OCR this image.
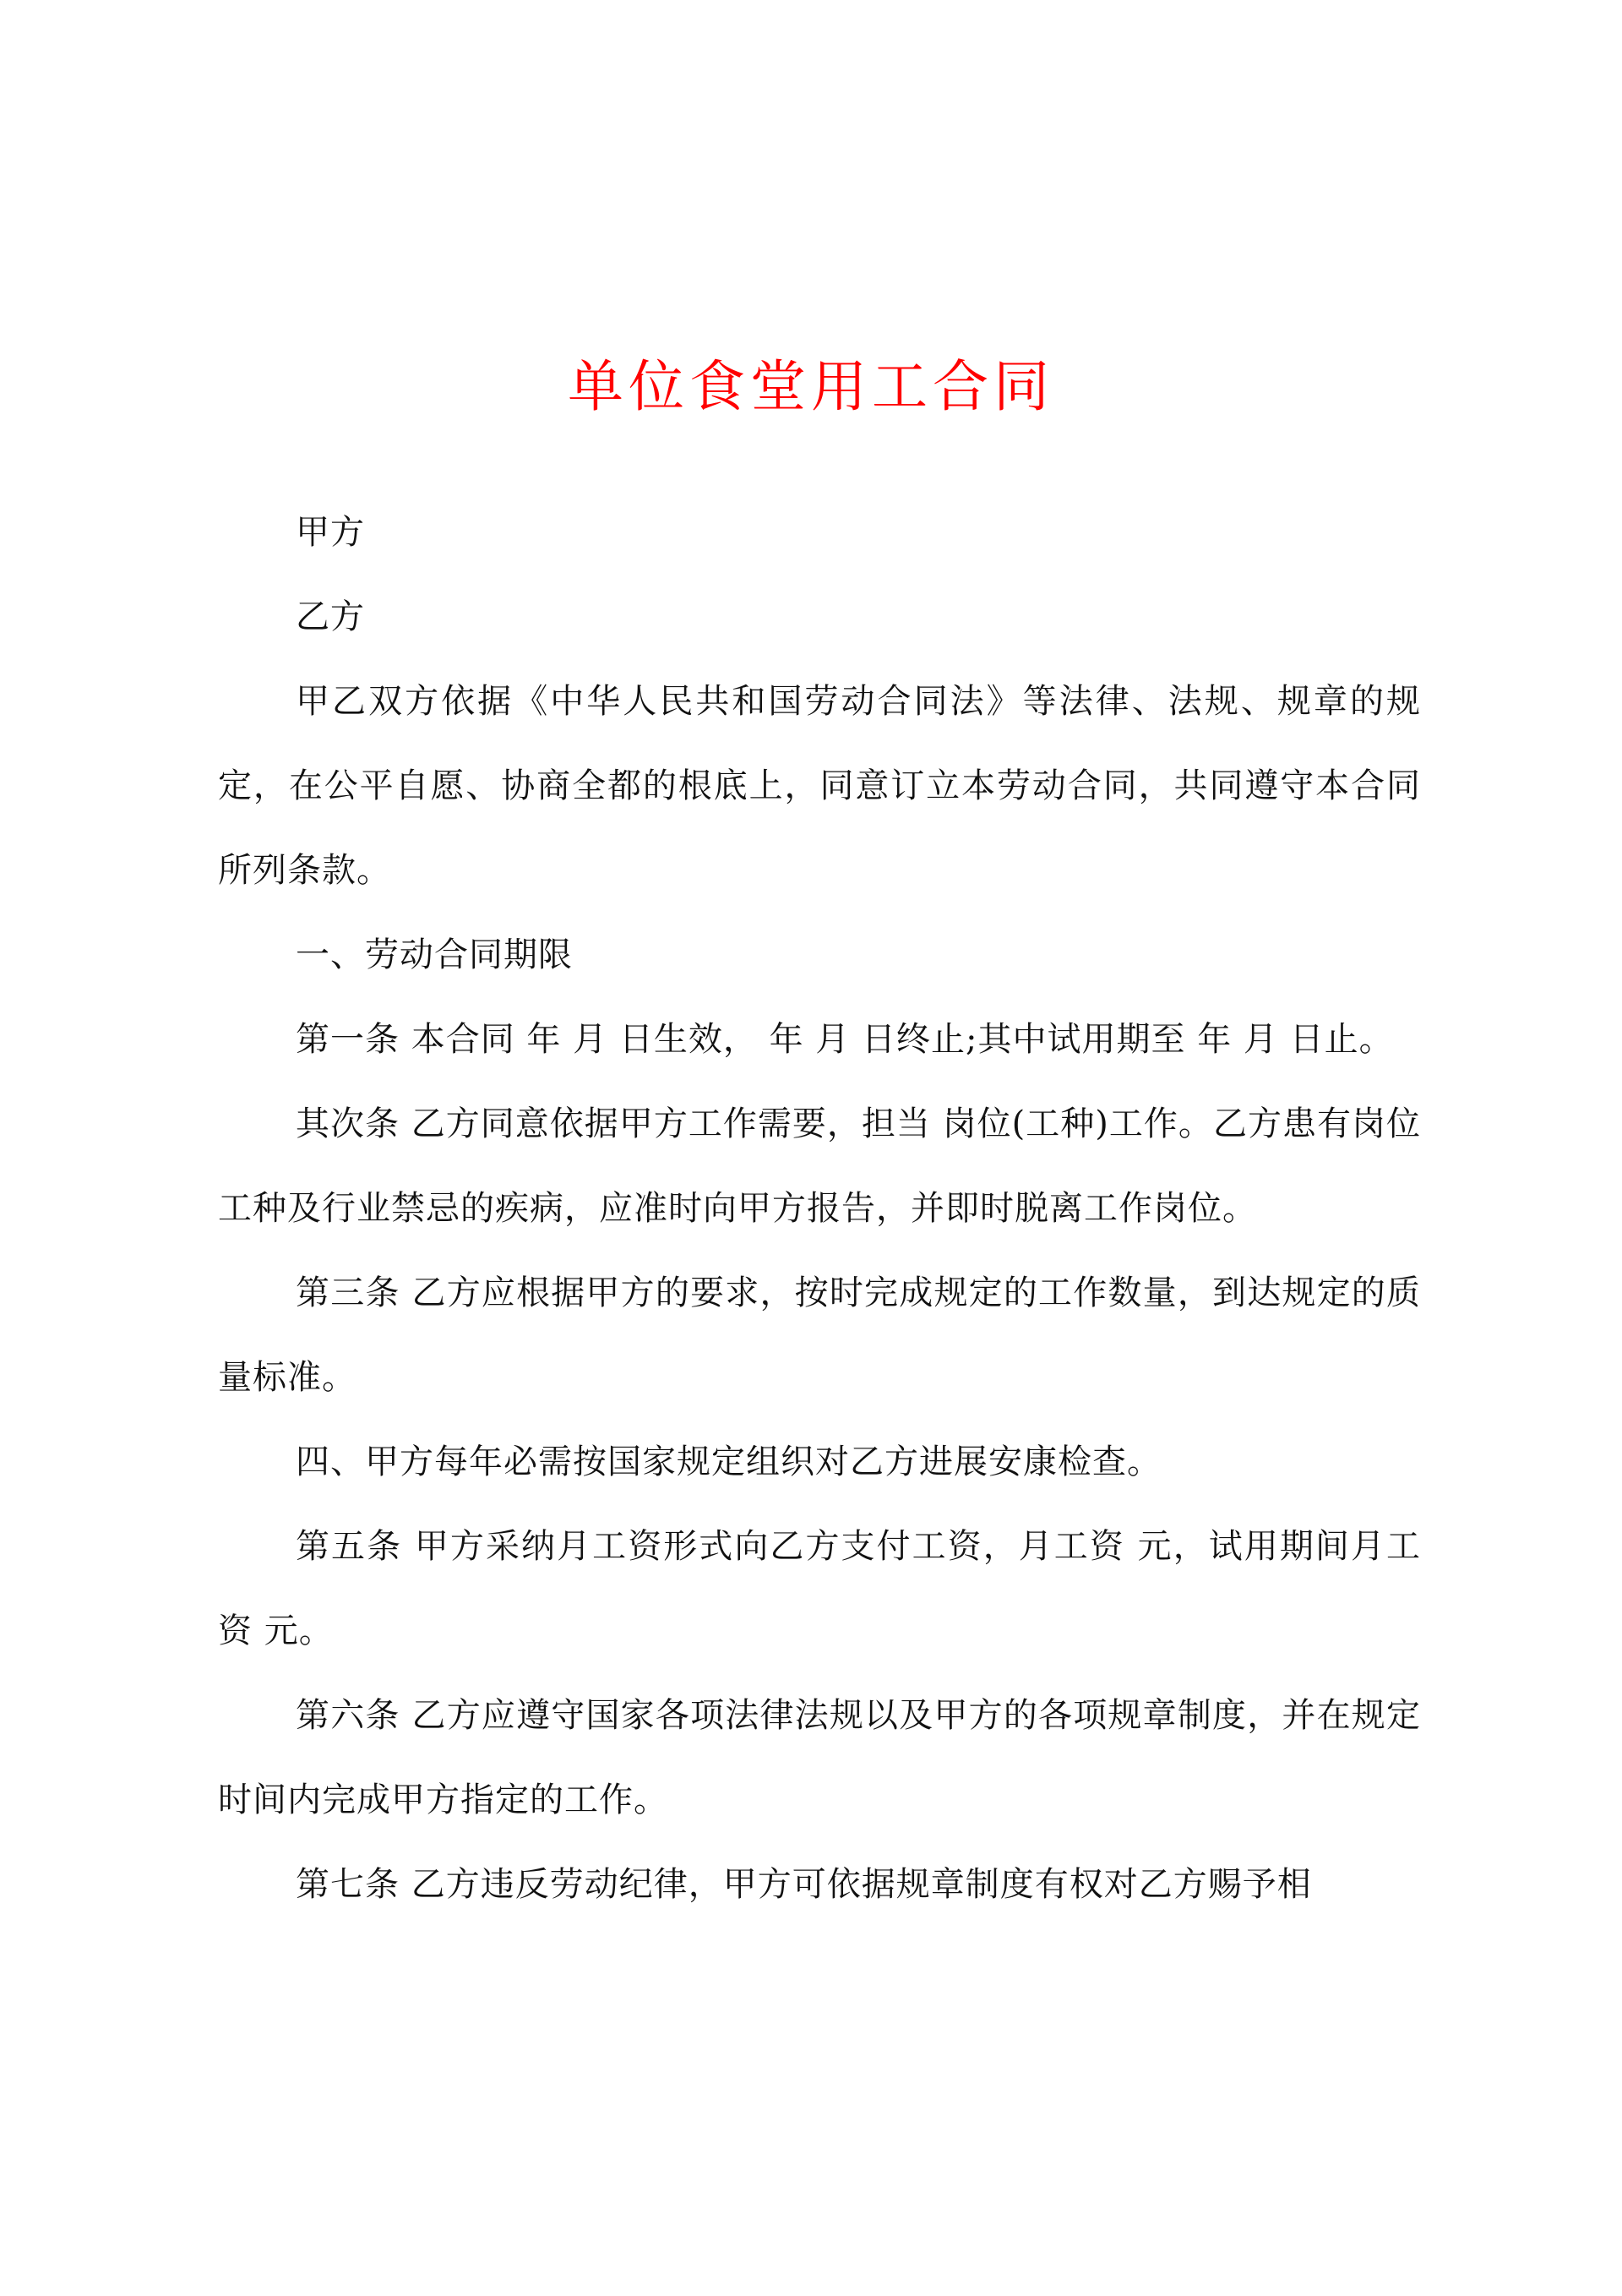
单位食堂用工合同

甲方

乙方

甲乙双方依据《中华人民共和国劳动合同法》等法律、法规、规章的规定，在公平自愿、协商全都的根底上，同意订立本劳动合同，共同遵守本合同所列条款。

一、劳动合同期限

第一条 本合同 年 月 日生效， 年 月 日终止;其中试用期至 年 月 日止。

其次条 乙方同意依据甲方工作需要，担当 岗位(工种)工作。乙方患有岗位工种及行业禁忌的疾病，应准时向甲方报告，并即时脱离工作岗位。

第三条 乙方应根据甲方的要求，按时完成规定的工作数量，到达规定的质量标准。

四、甲方每年必需按国家规定组织对乙方进展安康检查。

第五条 甲方采纳月工资形式向乙方支付工资，月工资 元，试用期间月工资 元。

第六条 乙方应遵守国家各项法律法规以及甲方的各项规章制度，并在规定时间内完成甲方指定的工作。

第七条 乙方违反劳动纪律，甲方可依据规章制度有权对乙方赐予相
